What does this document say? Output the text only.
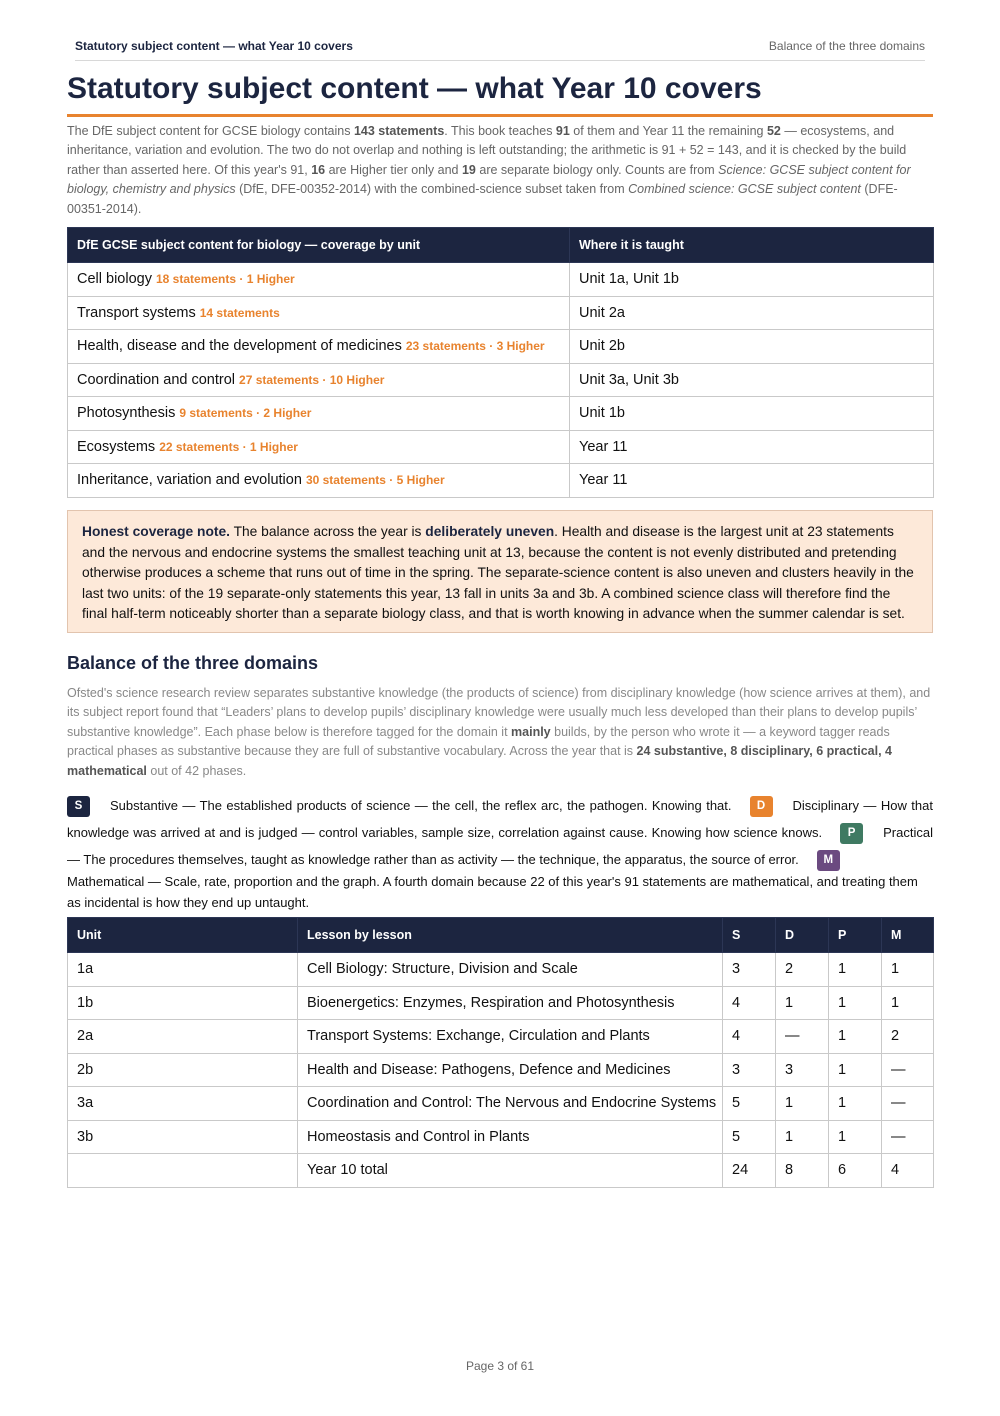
Statutory subject content — what Year 10 covers	Balance of the three domains
Statutory subject content — what Year 10 covers

The DfE subject content for GCSE biology contains 143 statements. This book teaches 91 of them and Year 11 the remaining 52 — ecosystems, and inheritance, variation and evolution. The two do not overlap and nothing is left outstanding; the arithmetic is 91 + 52 = 143, and it is checked by the build rather than asserted here. Of this year's 91, 16 are Higher tier only and 19 are separate biology only. Counts are from Science: GCSE subject content for biology, chemistry and physics (DfE, DFE-00352-2014) with the combined-science subset taken from Combined science: GCSE subject content (DFE-00351-2014).

DfE GCSE subject content for biology — coverage by unit	Where it is taught
Cell biology 18 statements · 1 Higher	Unit 1a, Unit 1b
Transport systems 14 statements	Unit 2a
Health, disease and the development of medicines 23 statements · 3 Higher	Unit 2b
Coordination and control 27 statements · 10 Higher	Unit 3a, Unit 3b
Photosynthesis 9 statements · 2 Higher	Unit 1b
Ecosystems 22 statements · 1 Higher	Year 11
Inheritance, variation and evolution 30 statements · 5 Higher	Year 11
Honest coverage note. The balance across the year is deliberately uneven. Health and disease is the largest unit at 23 statements and the nervous and endocrine systems the smallest teaching unit at 13, because the content is not evenly distributed and pretending otherwise produces a scheme that runs out of time in the spring. The separate-science content is also uneven and clusters heavily in the last two units: of the 19 separate-only statements this year, 13 fall in units 3a and 3b. A combined science class will therefore find the final half-term noticeably shorter than a separate biology class, and that is worth knowing in advance when the summer calendar is set.
Balance of the three domains

Ofsted's science research review separates substantive knowledge (the products of science) from disciplinary knowledge (how science arrives at them), and its subject report found that “Leaders’ plans to develop pupils’ disciplinary knowledge were usually much less developed than their plans to develop pupils’ substantive knowledge”. Each phase below is therefore tagged for the domain it mainly builds, by the person who wrote it — a keyword tagger reads practical phases as substantive because they are full of substantive vocabulary. Across the year that is 24 substantive, 8 disciplinary, 6 practical, 4 mathematical out of 42 phases.

S Substantive — The established products of science — the cell, the reflex arc, the pathogen. Knowing that. D Disciplinary — How that knowledge was arrived at and is judged — control variables, sample size, correlation against cause. Knowing how science knows. P Practical — The procedures themselves, taught as knowledge rather than as activity — the technique, the apparatus, the source of error. M
Mathematical — Scale, rate, proportion and the graph. A fourth domain because 22 of this year's 91 statements are mathematical, and treating them as incidental is how they end up untaught.
Unit	Lesson by lesson	S	D	P	M
1a	Cell Biology: Structure, Division and Scale	3	2	1	1
1b	Bioenergetics: Enzymes, Respiration and Photosynthesis	4	1	1	1
2a	Transport Systems: Exchange, Circulation and Plants	4	—	1	2
2b	Health and Disease: Pathogens, Defence and Medicines	3	3	1	—
3a	Coordination and Control: The Nervous and Endocrine Systems	5	1	1	—
3b	Homeostasis and Control in Plants	5	1	1	—
	Year 10 total	24	8	6	4
Page 3 of 61
